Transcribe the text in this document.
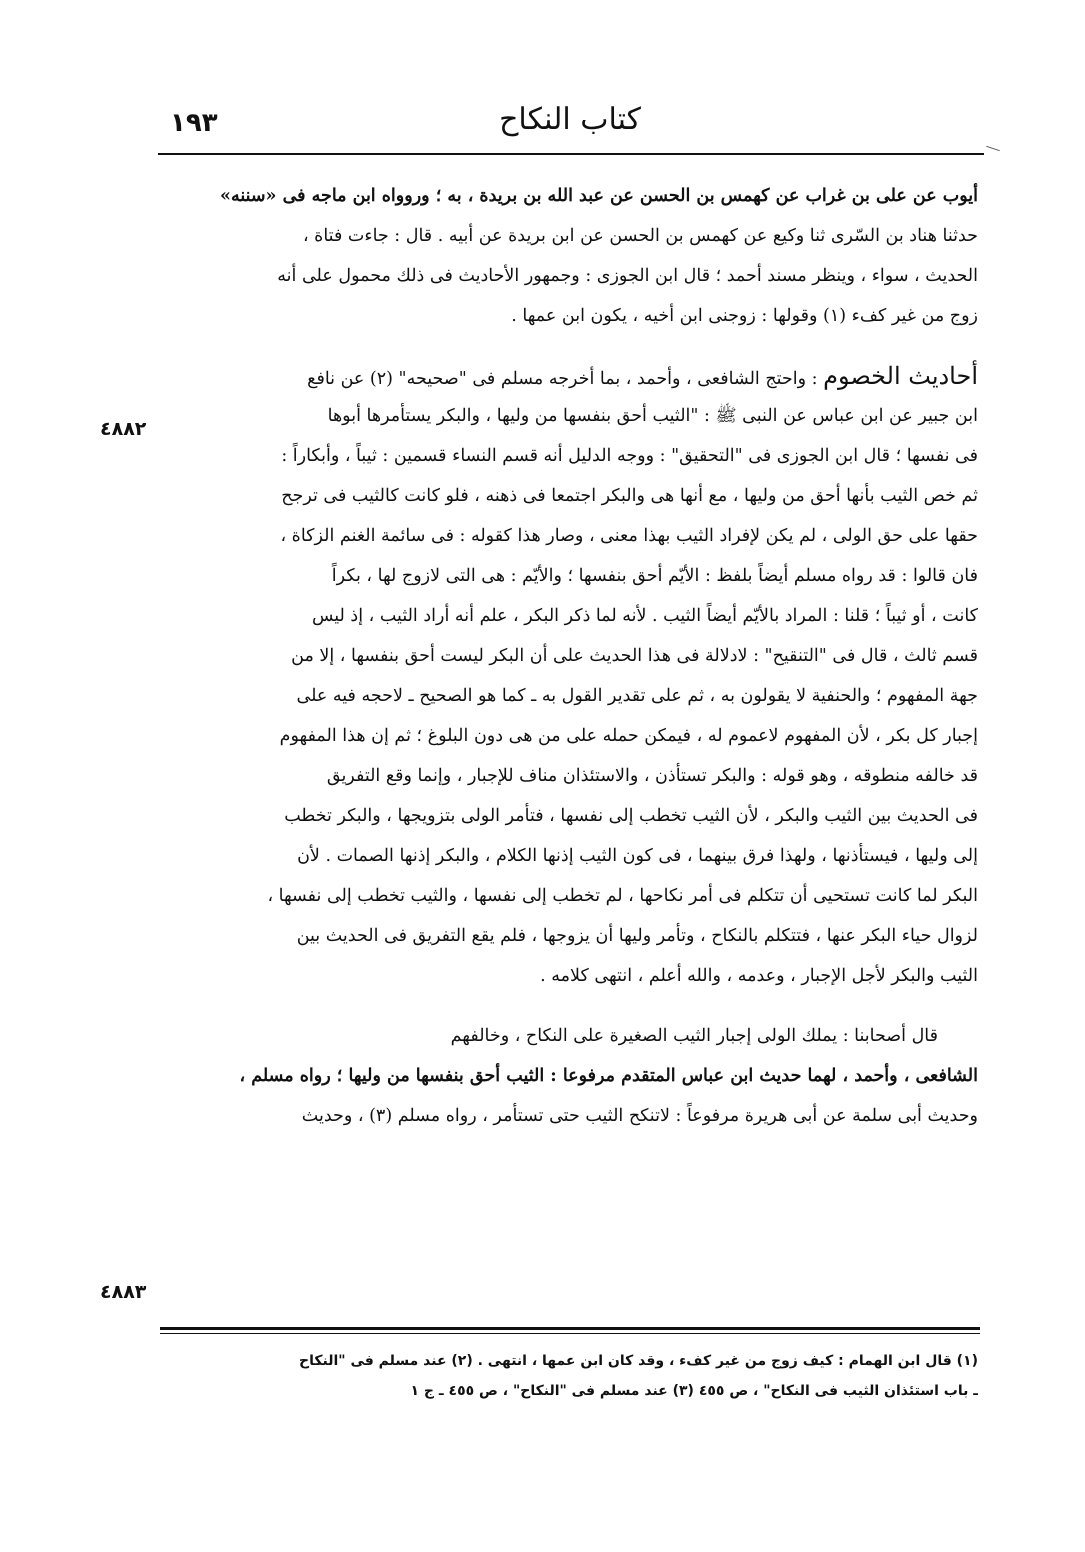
١٩٣	كتاب النكاح
أيوب عن على بن غراب عن كهمس بن الحسن عن عبد الله بن بريدة ، به ؛ وروواه ابن ماجه فى «سننه»
حدثنا هناد بن السّرى ثنا وكيع عن كهمس بن الحسن عن ابن بريدة عن أبيه . قال : جاءت فتاة ،
الحديث ، سواء ، وينظر مسند أحمد ؛ قال ابن الجوزى : وجمهور الأحاديث فى ذلك محمول على أنه
زوج من غير كفء (١) وقولها : زوجنى ابن أخيه ، يكون ابن عمها .
أحاديث الخصوم : واحتج الشافعى ، وأحمد ، بما أخرجه مسلم فى "صحيحه" (٢) عن نافع
ابن جبير عن ابن عباس عن النبى ﷺ : "الثيب أحق بنفسها من وليها ، والبكر يستأمرها أبوها
فى نفسها ؛ قال ابن الجوزى فى "التحقيق" : ووجه الدليل أنه قسم النساء قسمين : ثيباً ، وأبكاراً :
ثم خص الثيب بأنها أحق من وليها ، مع أنها هى والبكر اجتمعا فى ذهنه ، فلو كانت كالثيب فى ترجح
حقها على حق الولى ، لم يكن لإفراد الثيب بهذا معنى ، وصار هذا كقوله : فى سائمة الغنم الزكاة ،
فان قالوا : قد رواه مسلم أيضاً بلفظ : الأيّم أحق بنفسها ؛ والأيّم : هى التى لازوج لها ، بكراً
كانت ، أو ثيباً ؛ قلنا : المراد بالأيّم أيضاً الثيب . لأنه لما ذكر البكر ، علم أنه أراد الثيب ، إذ ليس
قسم ثالث ، قال فى "التنقيح" : لادلالة فى هذا الحديث على أن البكر ليست أحق بنفسها ، إلا من
جهة المفهوم ؛ والحنفية لا يقولون به ، ثم على تقدير القول به ـ كما هو الصحيح ـ لاحجه فيه على
إجبار كل بكر ، لأن المفهوم لاعموم له ، فيمكن حمله على من هى دون البلوغ ؛ ثم إن هذا المفهوم
قد خالفه منطوقه ، وهو قوله : والبكر تستأذن ، والاستئذان مناف للإجبار ، وإنما وقع التفريق
فى الحديث بين الثيب والبكر ، لأن الثيب تخطب إلى نفسها ، فتأمر الولى بتزويجها ، والبكر تخطب
إلى وليها ، فيستأذنها ، ولهذا فرق بينهما ، فى كون الثيب إذنها الكلام ، والبكر إذنها الصمات . لأن
البكر لما كانت تستحيى أن تتكلم فى أمر نكاحها ، لم تخطب إلى نفسها ، والثيب تخطب إلى نفسها ،
لزوال حياء البكر عنها ، فتتكلم بالنكاح ، وتأمر وليها أن يزوجها ، فلم يقع التفريق فى الحديث بين
الثيب والبكر لأجل الإجبار ، وعدمه ، والله أعلم ، انتهى كلامه .
قال أصحابنا : يملك الولى إجبار الثيب الصغيرة على النكاح ، وخالفهم
الشافعى ، وأحمد ، لهما حديث ابن عباس المتقدم مرفوعا : الثيب أحق بنفسها من وليها ؛ رواه مسلم ،
وحديث أبى سلمة عن أبى هريرة مرفوعاً : لاتنكح الثيب حتى تستأمر ، رواه مسلم (٣) ، وحديث
٤٨٨٢
٤٨٨٣
(١) قال ابن الهمام : كيف زوج من غير كفء ، وقد كان ابن عمها ، انتهى . (٢) عند مسلم فى "النكاح
ـ باب استئذان الثيب فى النكاح" ، ص ٤٥٥ (٣) عند مسلم فى "النكاح" ، ص ٤٥٥ ـ ج ١
